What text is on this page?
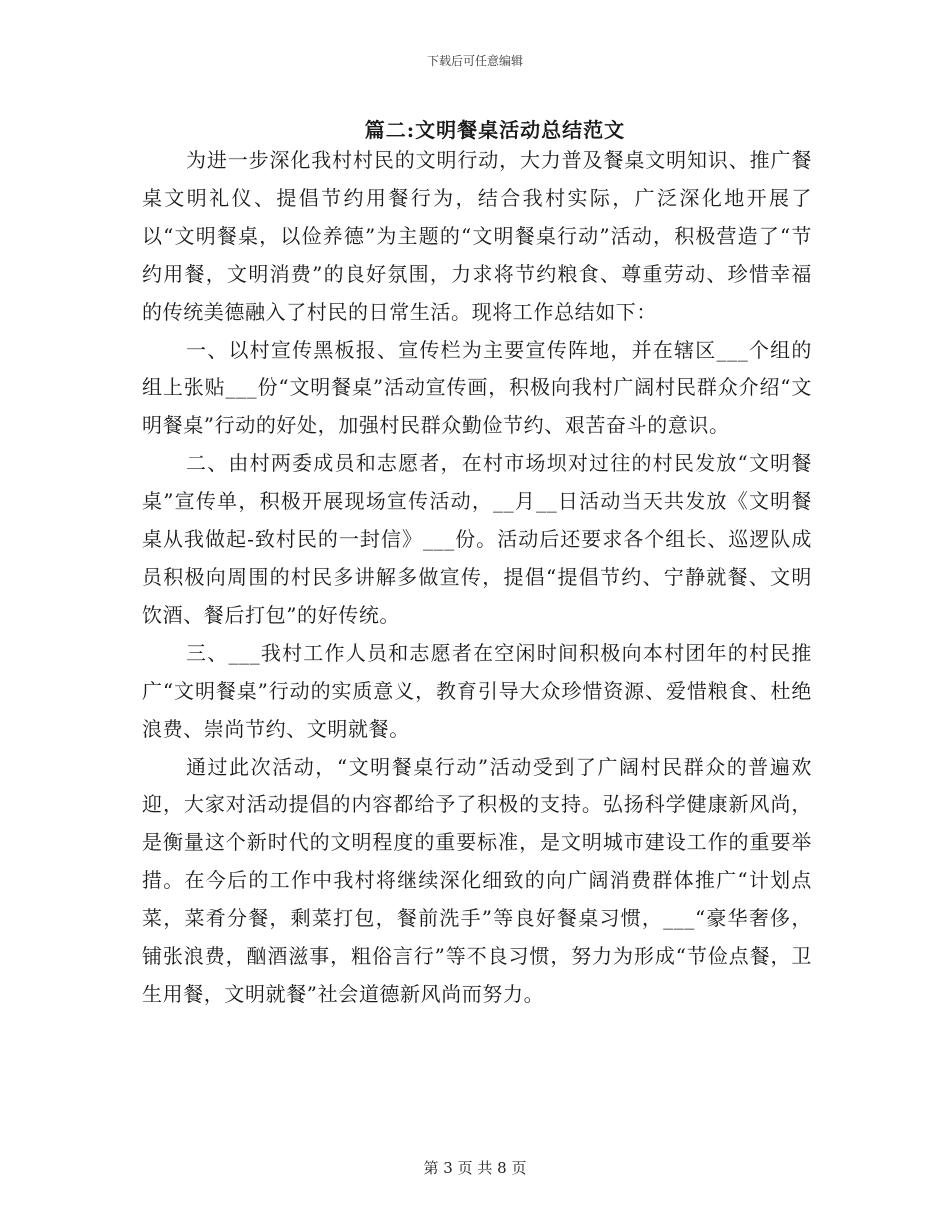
下载后可任意编辑
篇二:文明餐桌活动总结范文

为进一步深化我村村民的文明行动，大力普及餐桌文明知识、推广餐桌文明礼仪、提倡节约用餐行为，结合我村实际，广泛深化地开展了以“文明餐桌，以俭养德”为主题的“文明餐桌行动”活动，积极营造了“节约用餐，文明消费”的良好氛围，力求将节约粮食、尊重劳动、珍惜幸福的传统美德融入了村民的日常生活。现将工作总结如下：

一、以村宣传黑板报、宣传栏为主要宣传阵地，并在辖区___个组的组上张贴___份“文明餐桌”活动宣传画，积极向我村广阔村民群众介绍“文明餐桌”行动的好处，加强村民群众勤俭节约、艰苦奋斗的意识。

二、由村两委成员和志愿者，在村市场坝对过往的村民发放“文明餐桌”宣传单，积极开展现场宣传活动，__月__日活动当天共发放《文明餐桌从我做起-致村民的一封信》___份。活动后还要求各个组长、巡逻队成员积极向周围的村民多讲解多做宣传，提倡“提倡节约、宁静就餐、文明饮酒、餐后打包”的好传统。

三、___我村工作人员和志愿者在空闲时间积极向本村团年的村民推广“文明餐桌”行动的实质意义，教育引导大众珍惜资源、爱惜粮食、杜绝浪费、崇尚节约、文明就餐。

通过此次活动，“文明餐桌行动”活动受到了广阔村民群众的普遍欢迎，大家对活动提倡的内容都给予了积极的支持。弘扬科学健康新风尚，是衡量这个新时代的文明程度的重要标准，是文明城市建设工作的重要举措。在今后的工作中我村将继续深化细致的向广阔消费群体推广“计划点菜，菜肴分餐，剩菜打包，餐前洗手”等良好餐桌习惯，___“豪华奢侈，铺张浪费，酗酒滋事，粗俗言行”等不良习惯，努力为形成“节俭点餐，卫生用餐，文明就餐”社会道德新风尚而努力。

第 3 页 共 8 页
